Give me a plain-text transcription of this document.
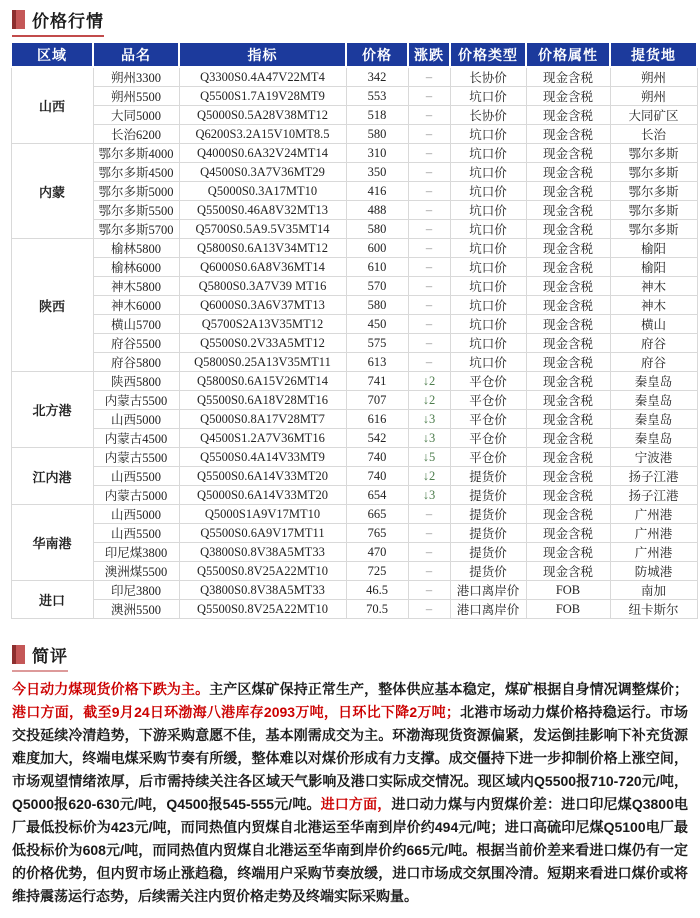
价格行情
区域	品名	指标	价格	涨跌	价格类型	价格属性	提货地
山西	朔州3300	Q3300S0.4A47V22MT4	342	–	长协价	现金含税	朔州
	朔州5500	Q5500S1.7A19V28MT9	553	–	坑口价	现金含税	朔州
	大同5000	Q5000S0.5A28V38MT12	518	–	长协价	现金含税	大同矿区
	长治6200	Q6200S3.2A15V10MT8.5	580	–	坑口价	现金含税	长治
内蒙	鄂尔多斯4000	Q4000S0.6A32V24MT14	310	–	坑口价	现金含税	鄂尔多斯
	鄂尔多斯4500	Q4500S0.3A7V36MT29	350	–	坑口价	现金含税	鄂尔多斯
	鄂尔多斯5000	Q5000S0.3A17MT10	416	–	坑口价	现金含税	鄂尔多斯
	鄂尔多斯5500	Q5500S0.46A8V32MT13	488	–	坑口价	现金含税	鄂尔多斯
	鄂尔多斯5700	Q5700S0.5A9.5V35MT14	580	–	坑口价	现金含税	鄂尔多斯
陕西	榆林5800	Q5800S0.6A13V34MT12	600	–	坑口价	现金含税	榆阳
	榆林6000	Q6000S0.6A8V36MT14	610	–	坑口价	现金含税	榆阳
	神木5800	Q5800S0.3A7V39 MT16	570	–	坑口价	现金含税	神木
	神木6000	Q6000S0.3A6V37MT13	580	–	坑口价	现金含税	神木
	横山5700	Q5700S2A13V35MT12	450	–	坑口价	现金含税	横山
	府谷5500	Q5500S0.2V33A5MT12	575	–	坑口价	现金含税	府谷
	府谷5800	Q5800S0.25A13V35MT11	613	–	坑口价	现金含税	府谷
北方港	陕西5800	Q5800S0.6A15V26MT14	741	↓2	平仓价	现金含税	秦皇岛
	内蒙古5500	Q5500S0.6A18V28MT16	707	↓2	平仓价	现金含税	秦皇岛
	山西5000	Q5000S0.8A17V28MT7	616	↓3	平仓价	现金含税	秦皇岛
	内蒙古4500	Q4500S1.2A7V36MT16	542	↓3	平仓价	现金含税	秦皇岛
江内港	内蒙古5500	Q5500S0.4A14V33MT9	740	↓5	平仓价	现金含税	宁波港
	山西5500	Q5500S0.6A14V33MT20	740	↓2	提货价	现金含税	扬子江港
	内蒙古5000	Q5000S0.6A14V33MT20	654	↓3	提货价	现金含税	扬子江港
华南港	山西5000	Q5000S1A9V17MT10	665	–	提货价	现金含税	广州港
	山西5500	Q5500S0.6A9V17MT11	765	–	提货价	现金含税	广州港
	印尼煤3800	Q3800S0.8V38A5MT33	470	–	提货价	现金含税	广州港
	澳洲煤5500	Q5500S0.8V25A22MT10	725	–	提货价	现金含税	防城港
进口	印尼3800	Q3800S0.8V38A5MT33	46.5	–	港口离岸价	FOB	南加
	澳洲5500	Q5500S0.8V25A22MT10	70.5	–	港口离岸价	FOB	纽卡斯尔
简评
今日动力煤现货价格下跌为主。主产区煤矿保持正常生产，整体供应基本稳定，煤矿根据自身情况调整煤价；港口方面，截至9月24日环渤海八港库存2093万吨，日环比下降2万吨；北港市场动力煤价格持稳运行。市场交投延续冷清趋势，下游采购意愿不佳，基本刚需成交为主。环渤海现货资源偏紧，发运倒挂影响下补充货源难度加大，终端电煤采购节奏有所缓，整体难以对煤价形成有力支撑。成交僵持下进一步抑制价格上涨空间，市场观望情绪浓厚，后市需持续关注各区域天气影响及港口实际成交情况。现区域内Q5500报710-720元/吨，Q5000报620-630元/吨，Q4500报545-555元/吨。进口方面，进口动力煤与内贸煤价差：进口印尼煤Q3800电厂最低投标价为423元/吨，而同热值内贸煤自北港运至华南到岸价约494元/吨；进口高硫印尼煤Q5100电厂最低投标价为608元/吨，而同热值内贸煤自北港运至华南到岸价约665元/吨。根据当前价差来看进口煤仍有一定的价格优势，但内贸市场止涨趋稳，终端用户采购节奏放缓，进口市场成交氛围冷清。短期来看进口煤价或将维持震荡运行态势，后续需关注内贸价格走势及终端实际采购量。
